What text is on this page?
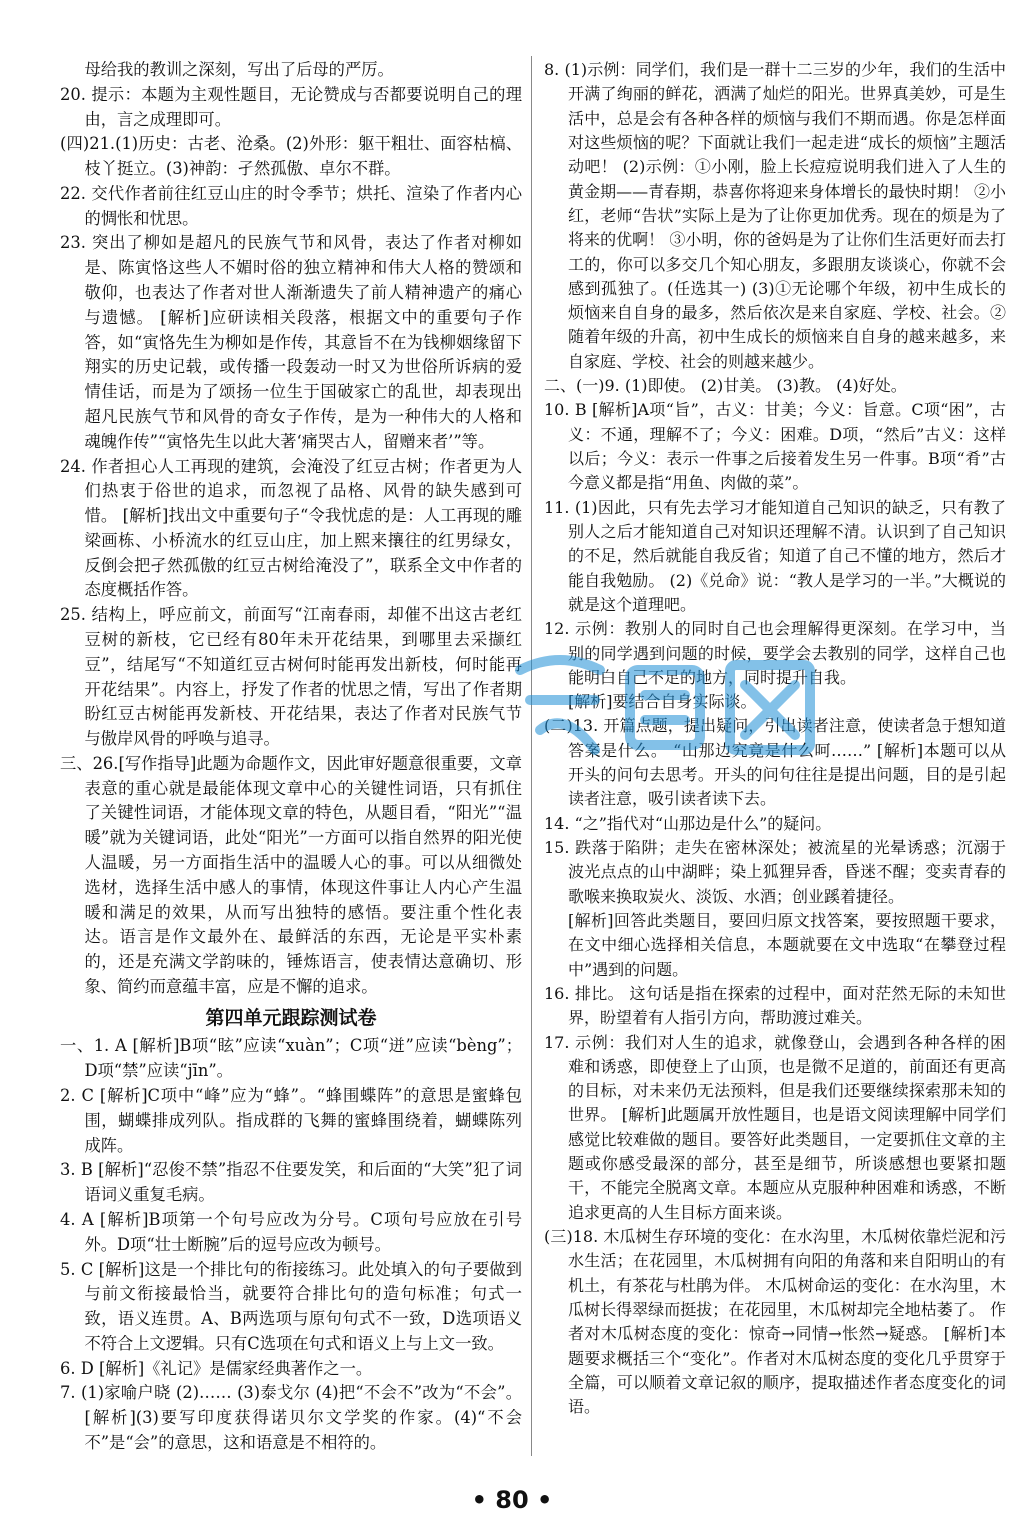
母给我的教训之深刻，写出了后母的严厉。

20. 提示：本题为主观性题目，无论赞成与否都要说明自己的理由，言之成理即可。

(四)21.(1)历史：古老、沧桑。(2)外形：躯干粗壮、面容枯槁、枝丫挺立。(3)神韵：孑然孤傲、卓尔不群。

22. 交代作者前往红豆山庄的时令季节；烘托、渲染了作者内心的惆怅和忧思。

23. 突出了柳如是超凡的民族气节和风骨，表达了作者对柳如是、陈寅恪这些人不媚时俗的独立精神和伟大人格的赞颂和敬仰，也表达了作者对世人渐渐遗失了前人精神遗产的痛心与遗憾。 [解析]应研读相关段落，根据文中的重要句子作答，如“寅恪先生为柳如是作传，其意旨不在为钱柳姻缘留下翔实的历史记载，或传播一段轰动一时又为世俗所诉病的爱情佳话，而是为了颂扬一位生于国破家亡的乱世，却表现出超凡民族气节和风骨的奇女子作传，是为一种伟大的人格和魂魄作传”“寅恪先生以此大著‘痛哭古人，留赠来者’”等。

24. 作者担心人工再现的建筑，会淹没了红豆古树；作者更为人们热衷于俗世的追求，而忽视了品格、风骨的缺失感到可惜。 [解析]找出文中重要句子“令我忧虑的是：人工再现的雕梁画栋、小桥流水的红豆山庄，加上熙来攘往的红男绿女，反倒会把孑然孤傲的红豆古树给淹没了”，联系全文中作者的态度概括作答。

25. 结构上，呼应前文，前面写“江南春雨，却催不出这古老红豆树的新枝，它已经有80年未开花结果，到哪里去采撷红豆”，结尾写“不知道红豆古树何时能再发出新枝，何时能再开花结果”。内容上，抒发了作者的忧思之情，写出了作者期盼红豆古树能再发新枝、开花结果，表达了作者对民族气节与傲岸风骨的呼唤与追寻。

三、26.[写作指导]此题为命题作文，因此审好题意很重要，文章表意的重心就是最能体现文章中心的关键性词语，只有抓住了关键性词语，才能体现文章的特色，从题目看，“阳光”“温暖”就为关键词语，此处“阳光”一方面可以指自然界的阳光使人温暖，另一方面指生活中的温暖人心的事。可以从细微处选材，选择生活中感人的事情，体现这件事让人内心产生温暖和满足的效果，从而写出独特的感悟。要注重个性化表达。语言是作文最外在、最鲜活的东西，无论是平实朴素的，还是充满文学韵味的，锤炼语言，使表情达意确切、形象、简约而意蕴丰富，应是不懈的追求。

第四单元跟踪测试卷

一、1. A [解析]B项“眩”应读“xuàn”；C项“迸”应读“bèng”；D项“禁”应读“jīn”。

2. C [解析]C项中“峰”应为“蜂”。“蜂围蝶阵”的意思是蜜蜂包围，蝴蝶排成列队。指成群的飞舞的蜜蜂围绕着，蝴蝶陈列成阵。

3. B [解析]“忍俊不禁”指忍不住要发笑，和后面的“大笑”犯了词语词义重复毛病。

4. A [解析]B项第一个句号应改为分号。C项句号应放在引号外。D项“壮士断腕”后的逗号应改为顿号。

5. C [解析]这是一个排比句的衔接练习。此处填入的句子要做到与前文衔接最恰当，就要符合排比句的造句标准；句式一致，语义连贯。A、B两选项与原句句式不一致，D选项语义不符合上文逻辑。只有C选项在句式和语义上与上文一致。

6. D [解析]《礼记》是儒家经典著作之一。

7. (1)家喻户晓 (2)…… (3)泰戈尔 (4)把“不会不”改为“不会”。 [解析](3)要写印度获得诺贝尔文学奖的作家。(4)“不会不”是“会”的意思，这和语意是不相符的。

8. (1)示例：同学们，我们是一群十二三岁的少年，我们的生活中开满了绚丽的鲜花，洒满了灿烂的阳光。世界真美妙，可是生活中，总是会有各种各样的烦恼与我们不期而遇。你是怎样面对这些烦恼的呢？下面就让我们一起走进“成长的烦恼”主题活动吧！ (2)示例：①小刚，脸上长痘痘说明我们进入了人生的黄金期——青春期，恭喜你将迎来身体增长的最快时期！ ②小红，老师“告状”实际上是为了让你更加优秀。现在的烦是为了将来的优啊！ ③小明，你的爸妈是为了让你们生活更好而去打工的，你可以多交几个知心朋友，多跟朋友谈谈心，你就不会感到孤独了。(任选其一) (3)①无论哪个年级，初中生成长的烦恼来自自身的最多，然后依次是来自家庭、学校、社会。②随着年级的升高，初中生成长的烦恼来自自身的越来越多，来自家庭、学校、社会的则越来越少。

二、(一)9. (1)即使。 (2)甘美。 (3)教。 (4)好处。

10. B [解析]A项“旨”，古义：甘美；今义：旨意。C项“困”，古义：不通，理解不了；今义：困难。D项，“然后”古义：这样以后；今义：表示一件事之后接着发生另一件事。B项“肴”古今意义都是指“用鱼、肉做的菜”。

11. (1)因此，只有先去学习才能知道自己知识的缺乏，只有教了别人之后才能知道自己对知识还理解不清。认识到了自己知识的不足，然后就能自我反省；知道了自己不懂的地方，然后才能自我勉励。 (2)《兑命》说：“教人是学习的一半。”大概说的就是这个道理吧。

12. 示例：教别人的同时自己也会理解得更深刻。在学习中，当别的同学遇到问题的时候，要学会去教别的同学，这样自己也能明白自己不足的地方，同时提升自我。

[解析]要结合自身实际谈。

(二)13. 开篇点题，提出疑问，引出读者注意，使读者急于想知道答案是什么。 “山那边究竟是什么呵……” [解析]本题可以从开头的问句去思考。开头的问句往往是提出问题，目的是引起读者注意，吸引读者读下去。

14. “之”指代对“山那边是什么”的疑问。

15. 跌落于陷阱；走失在密林深处；被流星的光晕诱惑；沉溺于波光点点的山中湖畔；染上狐狸异香，昏迷不醒；变卖青春的歌喉来换取炭火、淡饭、水酒；创业蹊着捷径。

[解析]回答此类题目，要回归原文找答案，要按照题干要求，在文中细心选择相关信息，本题就要在文中选取“在攀登过程中”遇到的问题。

16. 排比。 这句话是指在探索的过程中，面对茫然无际的未知世界，盼望着有人指引方向，帮助渡过难关。

17. 示例：我们对人生的追求，就像登山，会遇到各种各样的困难和诱惑，即使登上了山顶，也是微不足道的，前面还有更高的目标，对未来仍无法预料，但是我们还要继续探索那未知的世界。 [解析]此题属开放性题目，也是语文阅读理解中同学们感觉比较难做的题目。要答好此类题目，一定要抓住文章的主题或你感受最深的部分，甚至是细节，所谈感想也要紧扣题干，不能完全脱离文章。本题应从克服种种困难和诱惑，不断追求更高的人生目标方面来谈。

(三)18. 木瓜树生存环境的变化：在水沟里，木瓜树依靠烂泥和污水生活；在花园里，木瓜树拥有向阳的角落和来自阳明山的有机土，有茶花与杜鹃为伴。 木瓜树命运的变化：在水沟里，木瓜树长得翠绿而挺拔；在花园里，木瓜树却完全地枯萎了。 作者对木瓜树态度的变化：惊奇→同情→怅然→疑惑。 [解析]本题要求概括三个“变化”。作者对木瓜树态度的变化几乎贯穿于全篇，可以顺着文章记叙的顺序，提取描述作者态度变化的词语。

• 80 •
